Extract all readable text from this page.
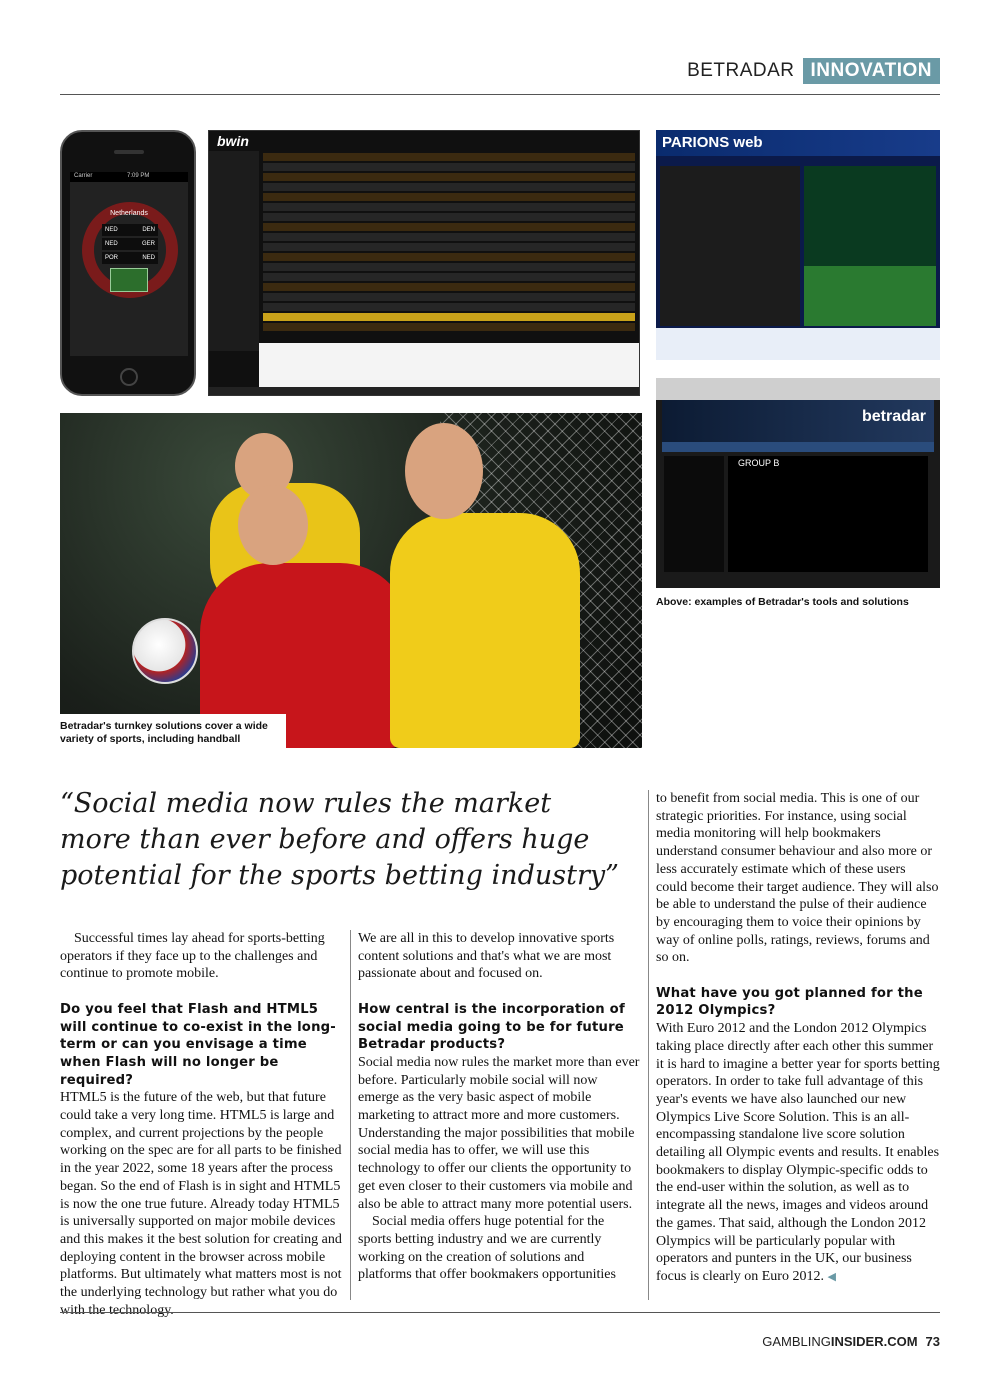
BETRADAR INNOVATION
Carrier	7:09 PM
Netherlands
NED	DEN
NED	GER
POR	NED
bwin	PARIONS web
betradar
GROUP B
Above: examples of Betradar's tools and solutions
Betradar's turnkey solutions cover a wide variety of sports, including handball
“Social media now rules the market more than ever before and offers huge potential for the sports betting industry”

Successful times lay ahead for sports-betting operators if they face up to the challenges and continue to promote mobile.

Do you feel that Flash and HTML5 will continue to co-exist in the long-term or can you envisage a time when Flash will no longer be required?

HTML5 is the future of the web, but that future could take a very long time. HTML5 is large and complex, and current projections by the people working on the spec are for all parts to be finished in the year 2022, some 18 years after the process began. So the end of Flash is in sight and HTML5 is now the one true future. Already today HTML5 is universally supported on major mobile devices and this makes it the best solution for creating and deploying content in the browser across mobile platforms. But ultimately what matters most is not the underlying technology but rather what you do with the technology.

We are all in this to develop innovative sports content solutions and that's what we are most passionate about and focused on.

How central is the incorporation of social media going to be for future Betradar products?

Social media now rules the market more than ever before. Particularly mobile social will now emerge as the very basic aspect of mobile marketing to attract more and more customers. Understanding the major possibilities that mobile social media has to offer, we will use this technology to offer our clients the opportunity to get even closer to their customers via mobile and also be able to attract many more potential users.

Social media offers huge potential for the sports betting industry and we are currently working on the creation of solutions and platforms that offer bookmakers opportunities

to benefit from social media. This is one of our strategic priorities. For instance, using social media monitoring will help bookmakers understand consumer behaviour and also more or less accurately estimate which of these users could become their target audience. They will also be able to understand the pulse of their audience by encouraging them to voice their opinions by way of online polls, ratings, reviews, forums and so on.

What have you got planned for the 2012 Olympics?

With Euro 2012 and the London 2012 Olympics taking place directly after each other this summer it is hard to imagine a better year for sports betting operators. In order to take full advantage of this year's events we have also launched our new Olympics Live Score Solution. This is an all-encompassing standalone live score solution detailing all Olympic events and results. It enables bookmakers to display Olympic-specific odds to the end-user within the solution, as well as to integrate all the news, images and videos around the games. That said, although the London 2012 Olympics will be particularly popular with operators and punters in the UK, our business focus is clearly on Euro 2012. ◀

GAMBLINGINSIDER.COM 73
